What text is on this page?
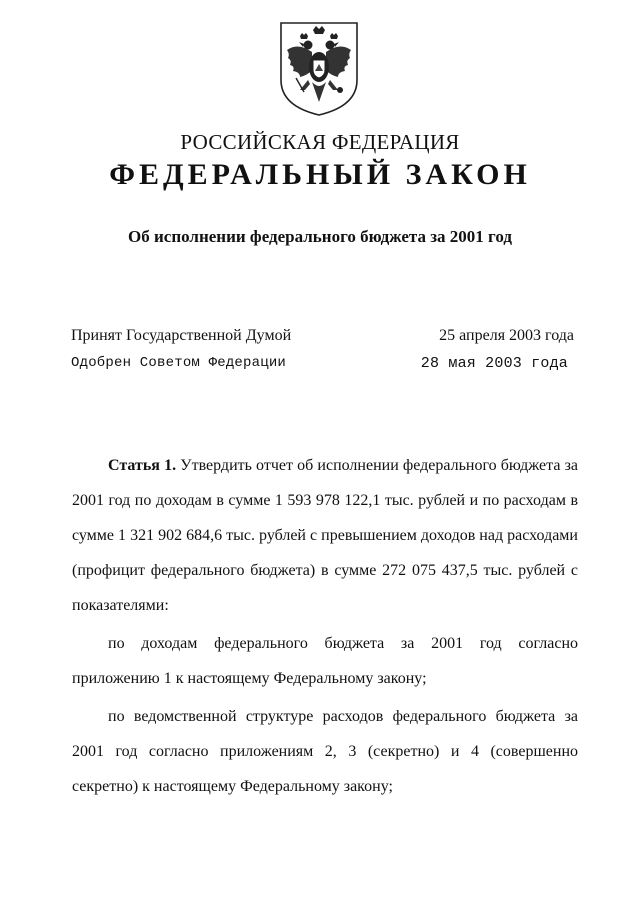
РОССИЙСКАЯ ФЕДЕРАЦИЯ
ФЕДЕРАЛЬНЫЙ ЗАКОН
Об исполнении федерального бюджета за 2001 год
Принят Государственной Думой	25 апреля 2003 года
Одобрен Советом Федерации	28 мая 2003 года

Статья 1. Утвердить отчет об исполнении федерального бюджета за 2001 год по доходам в сумме 1 593 978 122,1 тыс. рублей и по расходам в сумме 1 321 902 684,6 тыс. рублей с превышением доходов над расходами (профицит федерального бюджета) в сумме 272 075 437,5 тыс. рублей с показателями:

по доходам федерального бюджета за 2001 год согласно приложению 1 к настоящему Федеральному закону;

по ведомственной структуре расходов федерального бюджета за 2001 год согласно приложениям 2, 3 (секретно) и 4 (совершенно секретно) к настоящему Федеральному закону;
